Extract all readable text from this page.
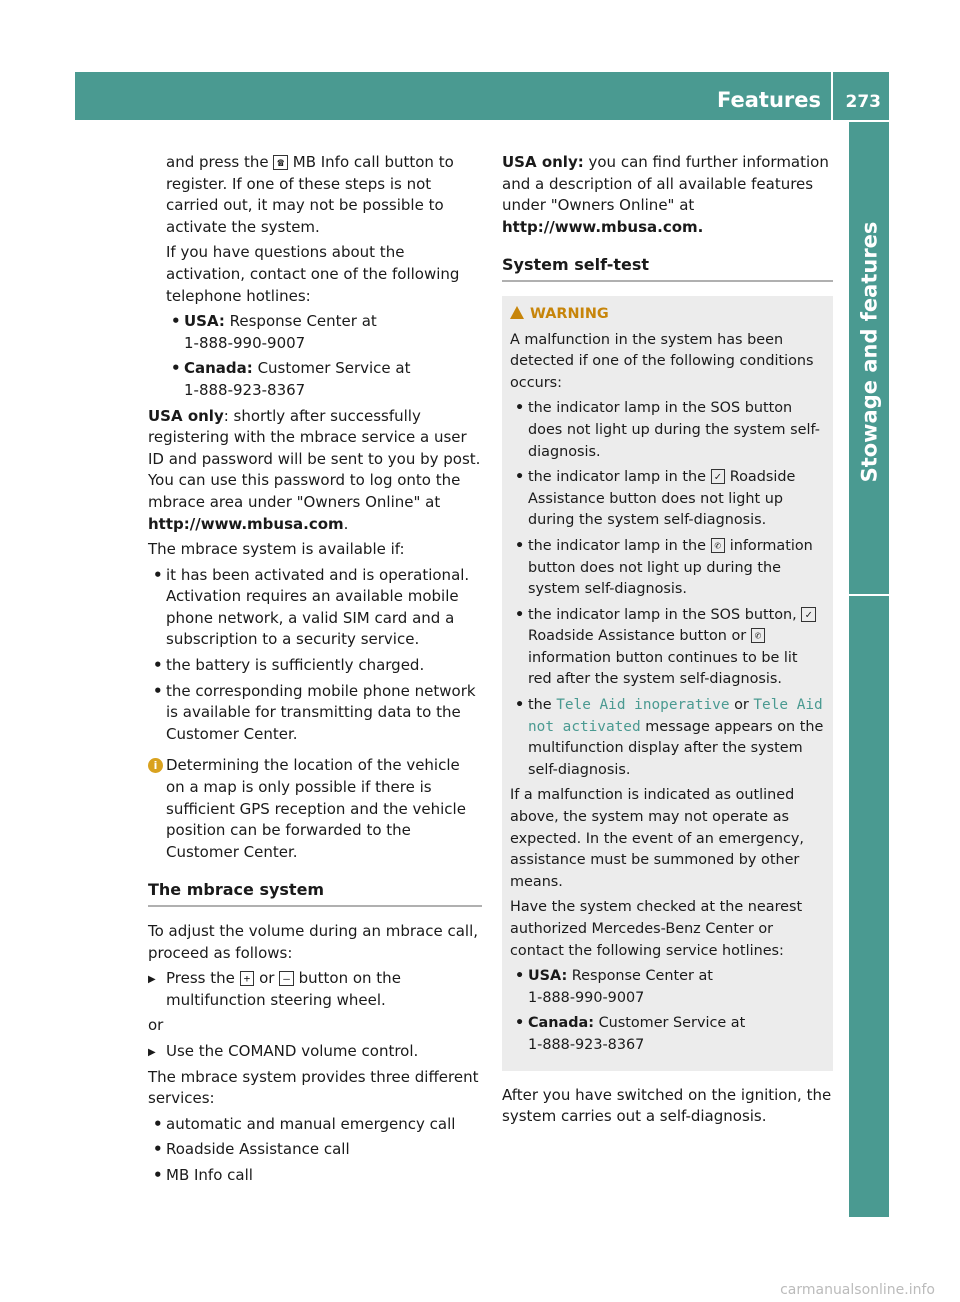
Features 273
Stowage and features

and press the ☎ MB Info call button to register. If one of these steps is not carried out, it may not be possible to activate the system.

If you have questions about the activation, contact one of the following telephone hotlines:

• USA: Response Center at
1-888-990-9007
• Canada: Customer Service at
1-888-923-8367

USA only: shortly after successfully registering with the mbrace service a user ID and password will be sent to you by post. You can use this password to log onto the mbrace area under "Owners Online" at http://www.mbusa.com.

The mbrace system is available if:

• it has been activated and is operational. Activation requires an available mobile phone network, a valid SIM card and a subscription to a security service.
• the battery is sufficiently charged.
• the corresponding mobile phone network is available for transmitting data to the Customer Center.

i Determining the location of the vehicle on a map is only possible if there is sufficient GPS reception and the vehicle position can be forwarded to the Customer Center.

The mbrace system

To adjust the volume during an mbrace call, proceed as follows:

▶ Press the + or — button on the multifunction steering wheel.

or

▶ Use the COMAND volume control.

The mbrace system provides three different services:

• automatic and manual emergency call
• Roadside Assistance call
• MB Info call

USA only: you can find further information and a description of all available features under "Owners Online" at http://www.mbusa.com.

System self-test
WARNING

A malfunction in the system has been detected if one of the following conditions occurs:

• the indicator lamp in the SOS button does not light up during the system self-diagnosis.
• the indicator lamp in the ✓ Roadside Assistance button does not light up during the system self-diagnosis.
• the indicator lamp in the ✆ information button does not light up during the system self-diagnosis.
• the indicator lamp in the SOS button, ✓ Roadside Assistance button or ✆ information button continues to be lit red after the system self-diagnosis.
• the Tele Aid inoperative or Tele Aid not activated message appears on the multifunction display after the system self-diagnosis.

If a malfunction is indicated as outlined above, the system may not operate as expected. In the event of an emergency, assistance must be summoned by other means.

Have the system checked at the nearest authorized Mercedes-Benz Center or contact the following service hotlines:

• USA: Response Center at
1-888-990-9007
• Canada: Customer Service at
1-888-923-8367

After you have switched on the ignition, the system carries out a self-diagnosis.

carmanualsonline.info
